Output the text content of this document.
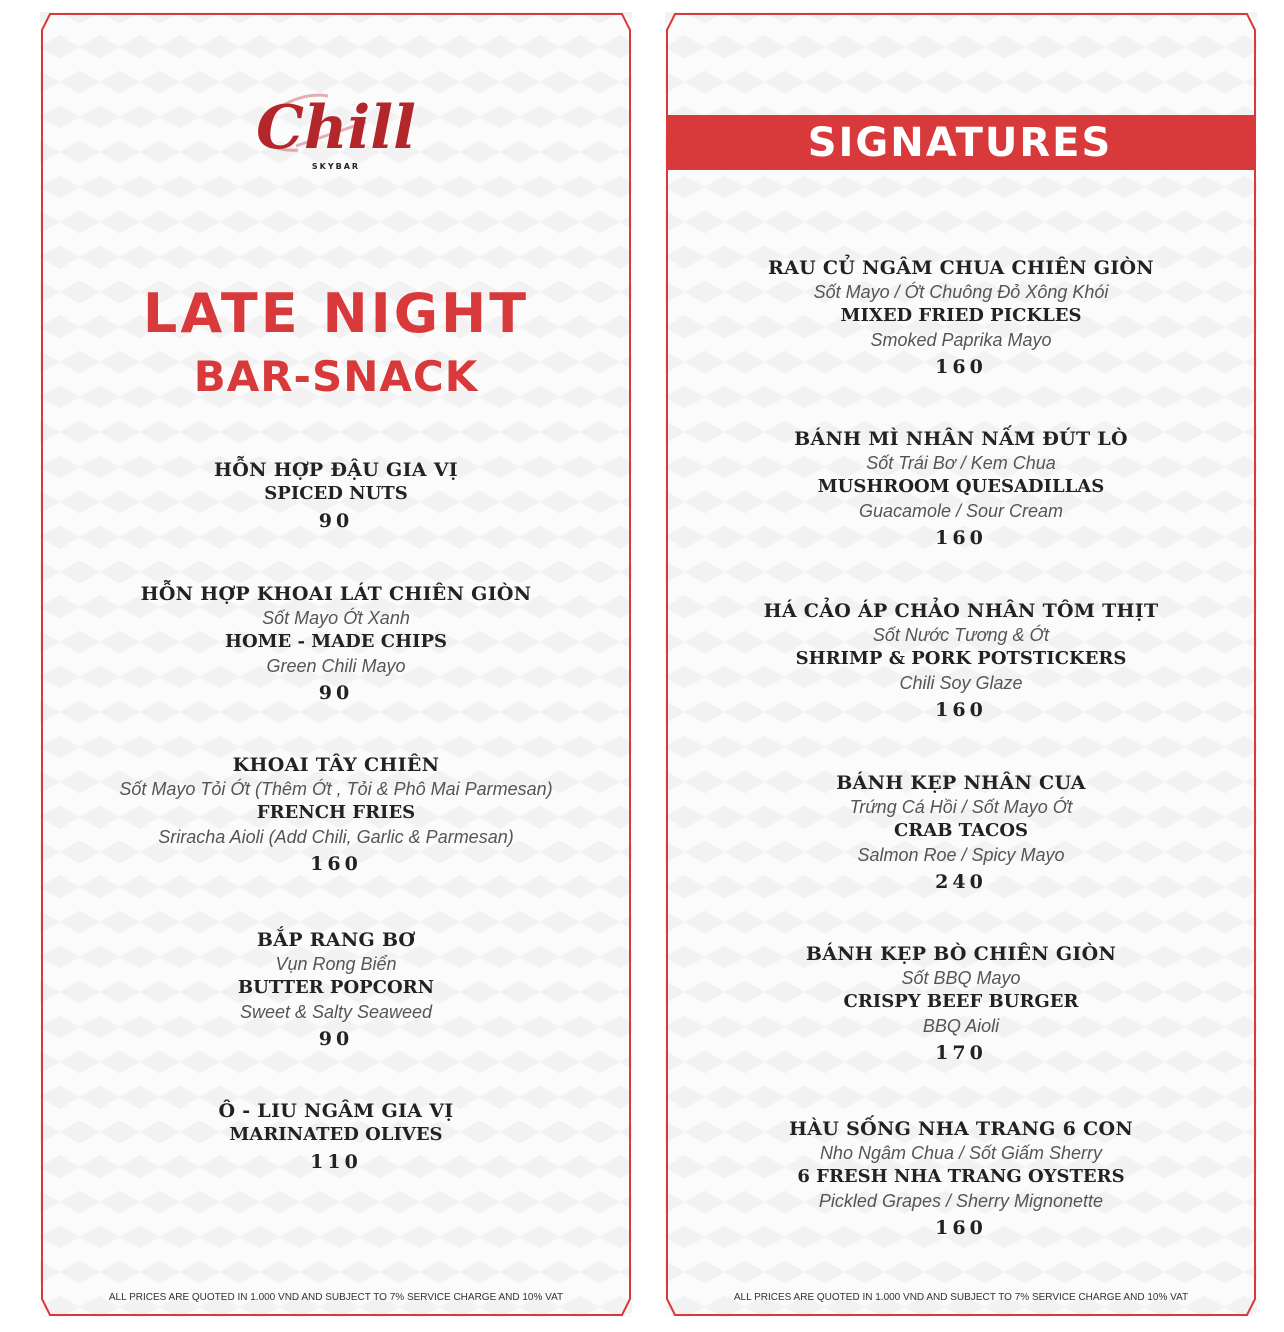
Chill
SKYBAR
LATE NIGHT
BAR-SNACK
HỖN HỢP ĐẬU GIA VỊ
SPICED NUTS
90
HỖN HỢP KHOAI LÁT CHIÊN GIÒN
Sốt Mayo Ớt Xanh
HOME - MADE CHIPS
Green Chili Mayo
90
KHOAI TÂY CHIÊN
Sốt Mayo Tỏi Ớt (Thêm Ớt , Tỏi & Phô Mai Parmesan)
FRENCH FRIES
Sriracha Aioli (Add Chili, Garlic & Parmesan)
160
BẮP RANG BƠ
Vụn Rong Biển
BUTTER POPCORN
Sweet & Salty Seaweed
90
Ô - LIU NGÂM GIA VỊ
MARINATED OLIVES
110
ALL PRICES ARE QUOTED IN 1.000 VND AND SUBJECT TO 7% SERVICE CHARGE AND 10% VAT
SIGNATURES
RAU CỦ NGÂM CHUA CHIÊN GIÒN
Sốt Mayo / Ớt Chuông Đỏ Xông Khói
MIXED FRIED PICKLES
Smoked Paprika Mayo
160
BÁNH MÌ NHÂN NẤM ĐÚT LÒ
Sốt Trái Bơ / Kem Chua
MUSHROOM QUESADILLAS
Guacamole / Sour Cream
160
HÁ CẢO ÁP CHẢO NHÂN TÔM THỊT
Sốt Nước Tương & Ớt
SHRIMP & PORK POTSTICKERS
Chili Soy Glaze
160
BÁNH KẸP NHÂN CUA
Trứng Cá Hồi / Sốt Mayo Ớt
CRAB TACOS
Salmon Roe / Spicy Mayo
240
BÁNH KẸP BÒ CHIÊN GIÒN
Sốt BBQ Mayo
CRISPY BEEF BURGER
BBQ Aioli
170
HÀU SỐNG NHA TRANG 6 CON
Nho Ngâm Chua / Sốt Giấm Sherry
6 FRESH NHA TRANG OYSTERS
Pickled Grapes / Sherry Mignonette
160
ALL PRICES ARE QUOTED IN 1.000 VND AND SUBJECT TO 7% SERVICE CHARGE AND 10% VAT
